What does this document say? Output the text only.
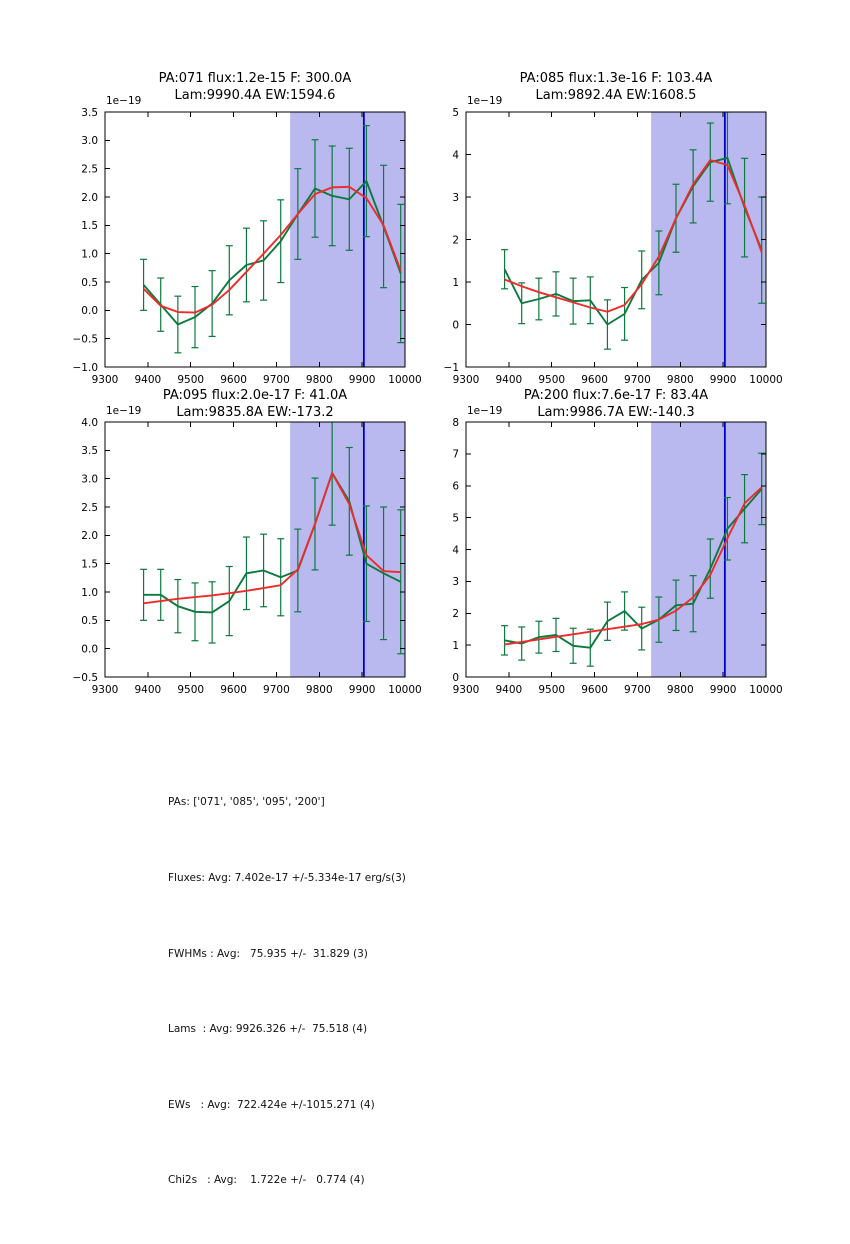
PA:071 flux:1.2e-15 F: 300.0A
Lam:9990.4A EW:1594.6
1e−19
9300 9400 9500 9600 9700 9800 9900 10000
3.5
3.0
2.5
2.0
1.5
1.0
0.5
0.0
−0.5
−1.0
PA:085 flux:1.3e-16 F: 103.4A
Lam:9892.4A EW:1608.5
1e−19
9300 9400 9500 9600 9700 9800 9900 10000
5
4
3
2
1
0
−1
PA:095 flux:2.0e-17 F: 41.0A
Lam:9835.8A EW:-173.2
1e−19
9300 9400 9500 9600 9700 9800 9900 10000
4.0
3.5
3.0
2.5
2.0
1.5
1.0
0.5
0.0
−0.5
PA:200 flux:7.6e-17 F: 83.4A
Lam:9986.7A EW:-140.3
1e−19
9300 9400 9500 9600 9700 9800 9900 10000
8
7
6
5
4
3
2
1
0

PAs: ['071', '085', '095', '200']

Fluxes: Avg: 7.402e-17 +/-5.334e-17 erg/s(3)

FWHMs : Avg:   75.935 +/-  31.829 (3)

Lams  : Avg: 9926.326 +/-  75.518 (4)

EWs   : Avg:  722.424e +/-1015.271 (4)

Chi2s   : Avg:    1.722e +/-   0.774 (4)
